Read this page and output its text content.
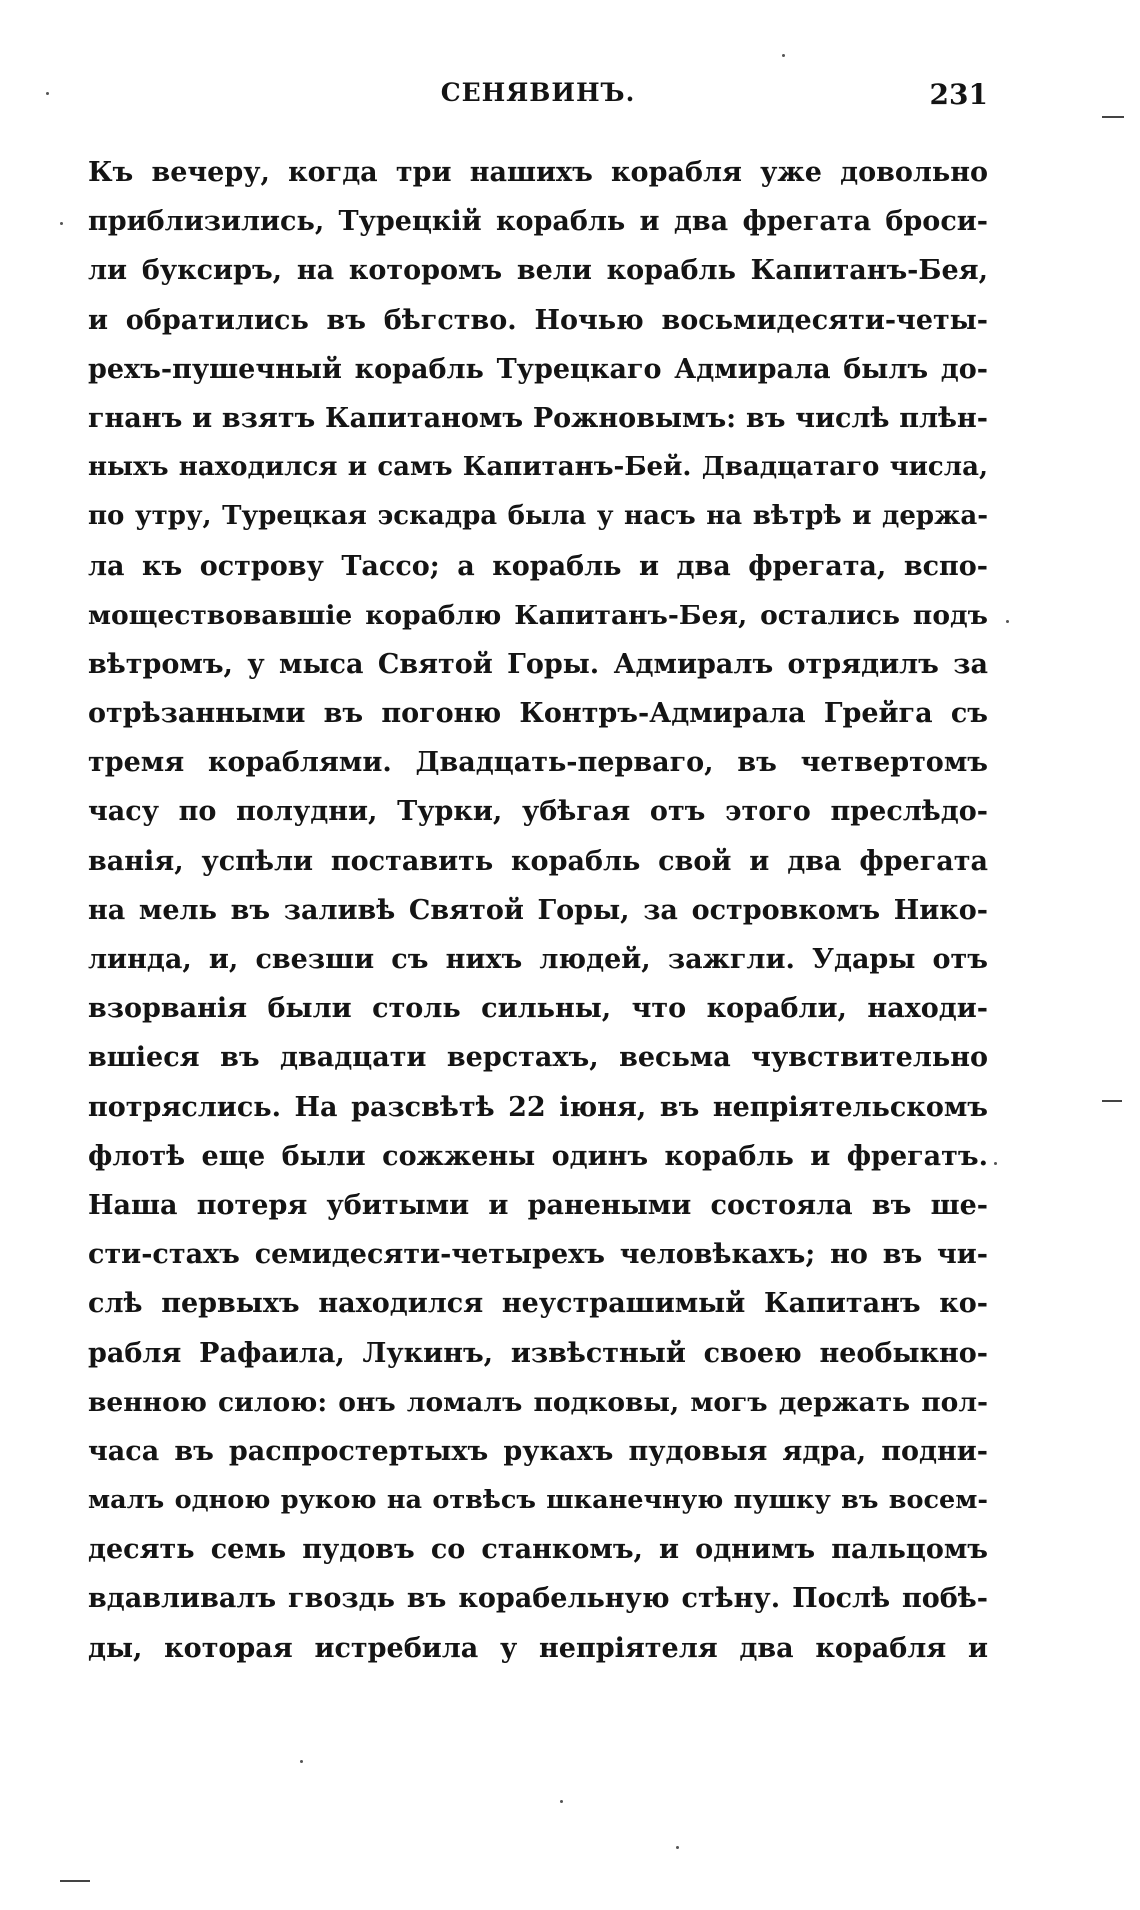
СЕНЯВИНЪ.	231
Къ вечеру, когда три нашихъ корабля уже довольно
приблизились, Турецкій корабль и два фрегата броси-
ли буксиръ, на которомъ вели корабль Капитанъ-Бея,
и обратились въ бѣгство. Ночью восьмидесяти-четы-
рехъ-пушечный корабль Турецкаго Адмирала былъ до-
гнанъ и взятъ Капитаномъ Рожновымъ: въ числѣ плѣн-
ныхъ находился и самъ Капитанъ-Бей. Двадцатаго числа,
по утру, Турецкая эскадра была у насъ на вѣтрѣ и держа-
ла къ острову Тассо; а корабль и два фрегата, вспо-
моществовавшіе кораблю Капитанъ-Бея, остались подъ
вѣтромъ, у мыса Святой Горы. Адмиралъ отрядилъ за
отрѣзанными въ погоню Контръ-Адмирала Грейга съ
тремя кораблями. Двадцать-перваго, въ четвертомъ
часу по полудни, Турки, убѣгая отъ этого преслѣдо-
ванія, успѣли поставить корабль свой и два фрегата
на мель въ заливѣ Святой Горы, за островкомъ Нико-
линда, и, свезши съ нихъ людей, зажгли. Удары отъ
взорванія были столь сильны, что корабли, находи-
вшіеся въ двадцати верстахъ, весьма чувствительно
потряслись. На разсвѣтѣ 22 іюня, въ непріятельскомъ
флотѣ еще были сожжены одинъ корабль и фрегатъ.
Наша потеря убитыми и ранеными состояла въ ше-
сти-стахъ семидесяти-четырехъ человѣкахъ; но въ чи-
слѣ первыхъ находился неустрашимый Капитанъ ко-
рабля Рафаила, Лукинъ, извѣстный своею необыкно-
венною силою: онъ ломалъ подковы, могъ держать пол-
часа въ распростертыхъ рукахъ пудовыя ядра, подни-
малъ одною рукою на отвѣсъ шканечную пушку въ восем-
десять семь пудовъ со станкомъ, и однимъ пальцомъ
вдавливалъ гвоздь въ корабельную стѣну. Послѣ побѣ-
ды, которая истребила у непріятеля два корабля и
